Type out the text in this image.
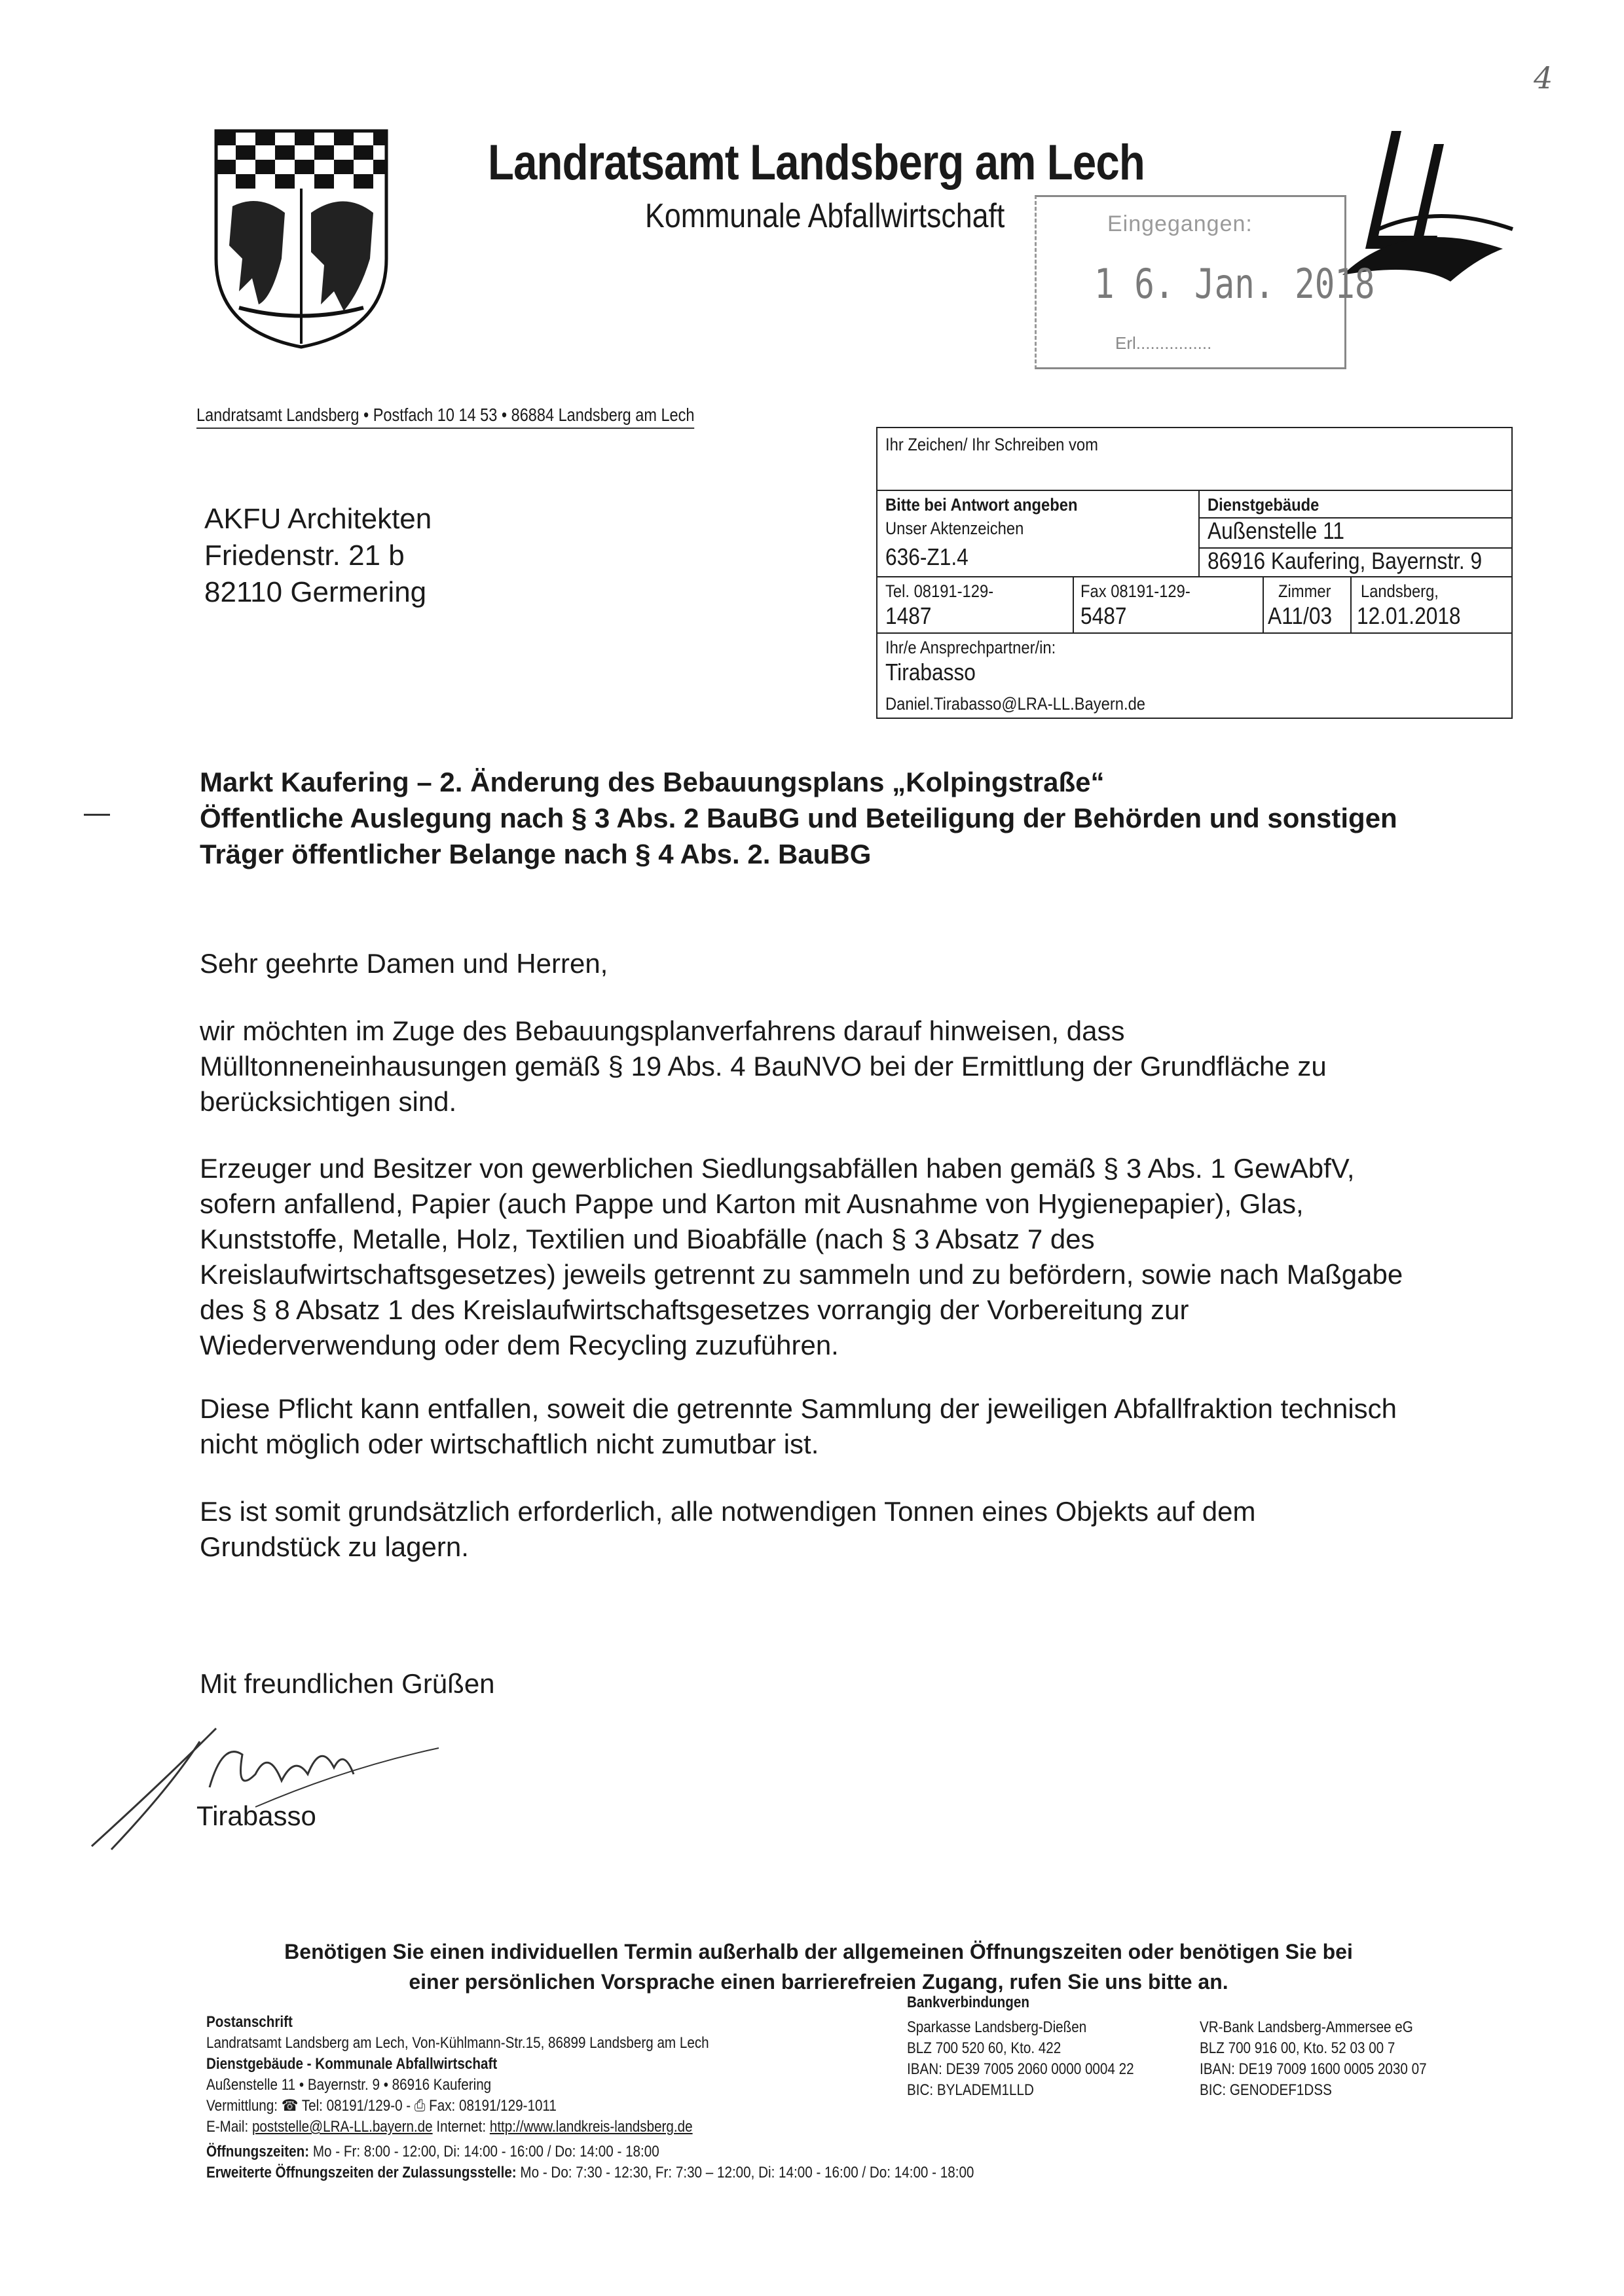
4
Landratsamt Landsberg am Lech
Kommunale Abfallwirtschaft	Eingegangen:
1 6. Jan. 2018
Erl................
Landratsamt Landsberg • Postfach 10 14 53 • 86884 Landsberg am Lech
AKFU Architekten
Friedenstr. 21 b
82110 Germering
Ihr Zeichen/ Ihr Schreiben vom
Bitte bei Antwort angeben
Unser Aktenzeichen
636-Z1.4
Dienstgebäude
Außenstelle 11
86916 Kaufering, Bayernstr. 9
Tel. 08191-129-
1487
Fax 08191-129-
5487
Zimmer
A11/03
Landsberg,
12.01.2018
Ihr/e Ansprechpartner/in:
Tirabasso
Daniel.Tirabasso@LRA-LL.Bayern.de
Markt Kaufering – 2. Änderung des Bebauungsplans „Kolpingstraße“
Öffentliche Auslegung nach § 3 Abs. 2 BauBG und Beteiligung der Behörden und sonstigen
Träger öffentlicher Belange nach § 4 Abs. 2. BauBG
Sehr geehrte Damen und Herren,
wir möchten im Zuge des Bebauungsplanverfahrens darauf hinweisen, dass
Mülltonneneinhausungen gemäß § 19 Abs. 4 BauNVO bei der Ermittlung der Grundfläche zu
berücksichtigen sind.
Erzeuger und Besitzer von gewerblichen Siedlungsabfällen haben gemäß § 3 Abs. 1 GewAbfV,
sofern anfallend, Papier (auch Pappe und Karton mit Ausnahme von Hygienepapier), Glas,
Kunststoffe, Metalle, Holz, Textilien und Bioabfälle (nach § 3 Absatz 7 des
Kreislaufwirtschaftsgesetzes) jeweils getrennt zu sammeln und zu befördern, sowie nach Maßgabe
des § 8 Absatz 1 des Kreislaufwirtschaftsgesetzes vorrangig der Vorbereitung zur
Wiederverwendung oder dem Recycling zuzuführen.
Diese Pflicht kann entfallen, soweit die getrennte Sammlung der jeweiligen Abfallfraktion technisch
nicht möglich oder wirtschaftlich nicht zumutbar ist.
Es ist somit grundsätzlich erforderlich, alle notwendigen Tonnen eines Objekts auf dem
Grundstück zu lagern.
Mit freundlichen Grüßen
Tirabasso
Benötigen Sie einen individuellen Termin außerhalb der allgemeinen Öffnungszeiten oder benötigen Sie bei
einer persönlichen Vorsprache einen barrierefreien Zugang, rufen Sie uns bitte an.
Postanschrift
Landratsamt Landsberg am Lech, Von-Kühlmann-Str.15, 86899 Landsberg am Lech
Dienstgebäude - Kommunale Abfallwirtschaft
Außenstelle 11 • Bayernstr. 9 • 86916 Kaufering
Vermittlung: ☎ Tel: 08191/129-0 - ⎙ Fax: 08191/129-1011
E-Mail: poststelle@LRA-LL.bayern.de Internet: http://www.landkreis-landsberg.de
Öffnungszeiten: Mo - Fr: 8:00 - 12:00, Di: 14:00 - 16:00 / Do: 14:00 - 18:00
Erweiterte Öffnungszeiten der Zulassungsstelle: Mo - Do: 7:30 - 12:30, Fr: 7:30 – 12:00, Di: 14:00 - 16:00 / Do: 14:00 - 18:00
Bankverbindungen
Sparkasse Landsberg-Dießen
BLZ 700 520 60, Kto. 422
IBAN: DE39 7005 2060 0000 0004 22
BIC: BYLADEM1LLD
VR-Bank Landsberg-Ammersee eG
BLZ 700 916 00, Kto. 52 03 00 7
IBAN: DE19 7009 1600 0005 2030 07
BIC: GENODEF1DSS
